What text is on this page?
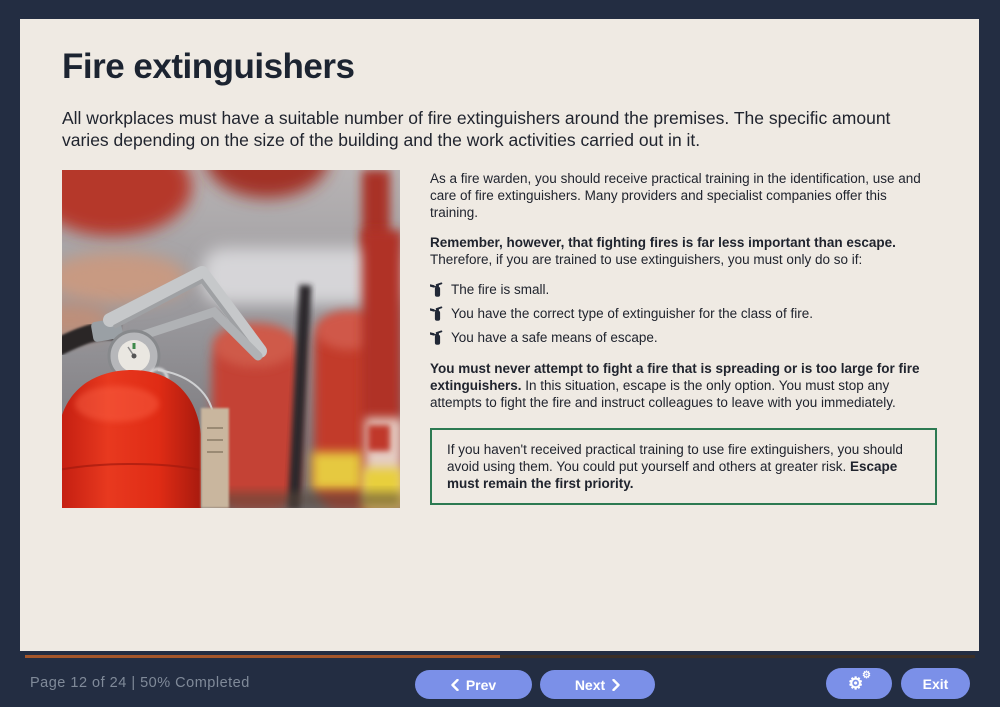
Fire extinguishers

All workplaces must have a suitable number of fire extinguishers around the premises. The specific amount varies depending on the size of the building and the work activities carried out in it.

As a fire warden, you should receive practical training in the identification, use and care of fire extinguishers. Many providers and specialist companies offer this training.

Remember, however, that fighting fires is far less important than escape. Therefore, if you are trained to use extinguishers, you must only do so if:

The fire is small.
You have the correct type of extinguisher for the class of fire.
You have a safe means of escape.

You must never attempt to fight a fire that is spreading or is too large for fire extinguishers. In this situation, escape is the only option. You must stop any attempts to fight the fire and instruct colleagues to leave with you immediately.

If you haven't received practical training to use fire extinguishers, you should avoid using them. You could put yourself and others at greater risk. Escape must remain the first priority.

Page 12 of 24 | 50% Completed	Prev	Next	⚙
⚙
Exit
